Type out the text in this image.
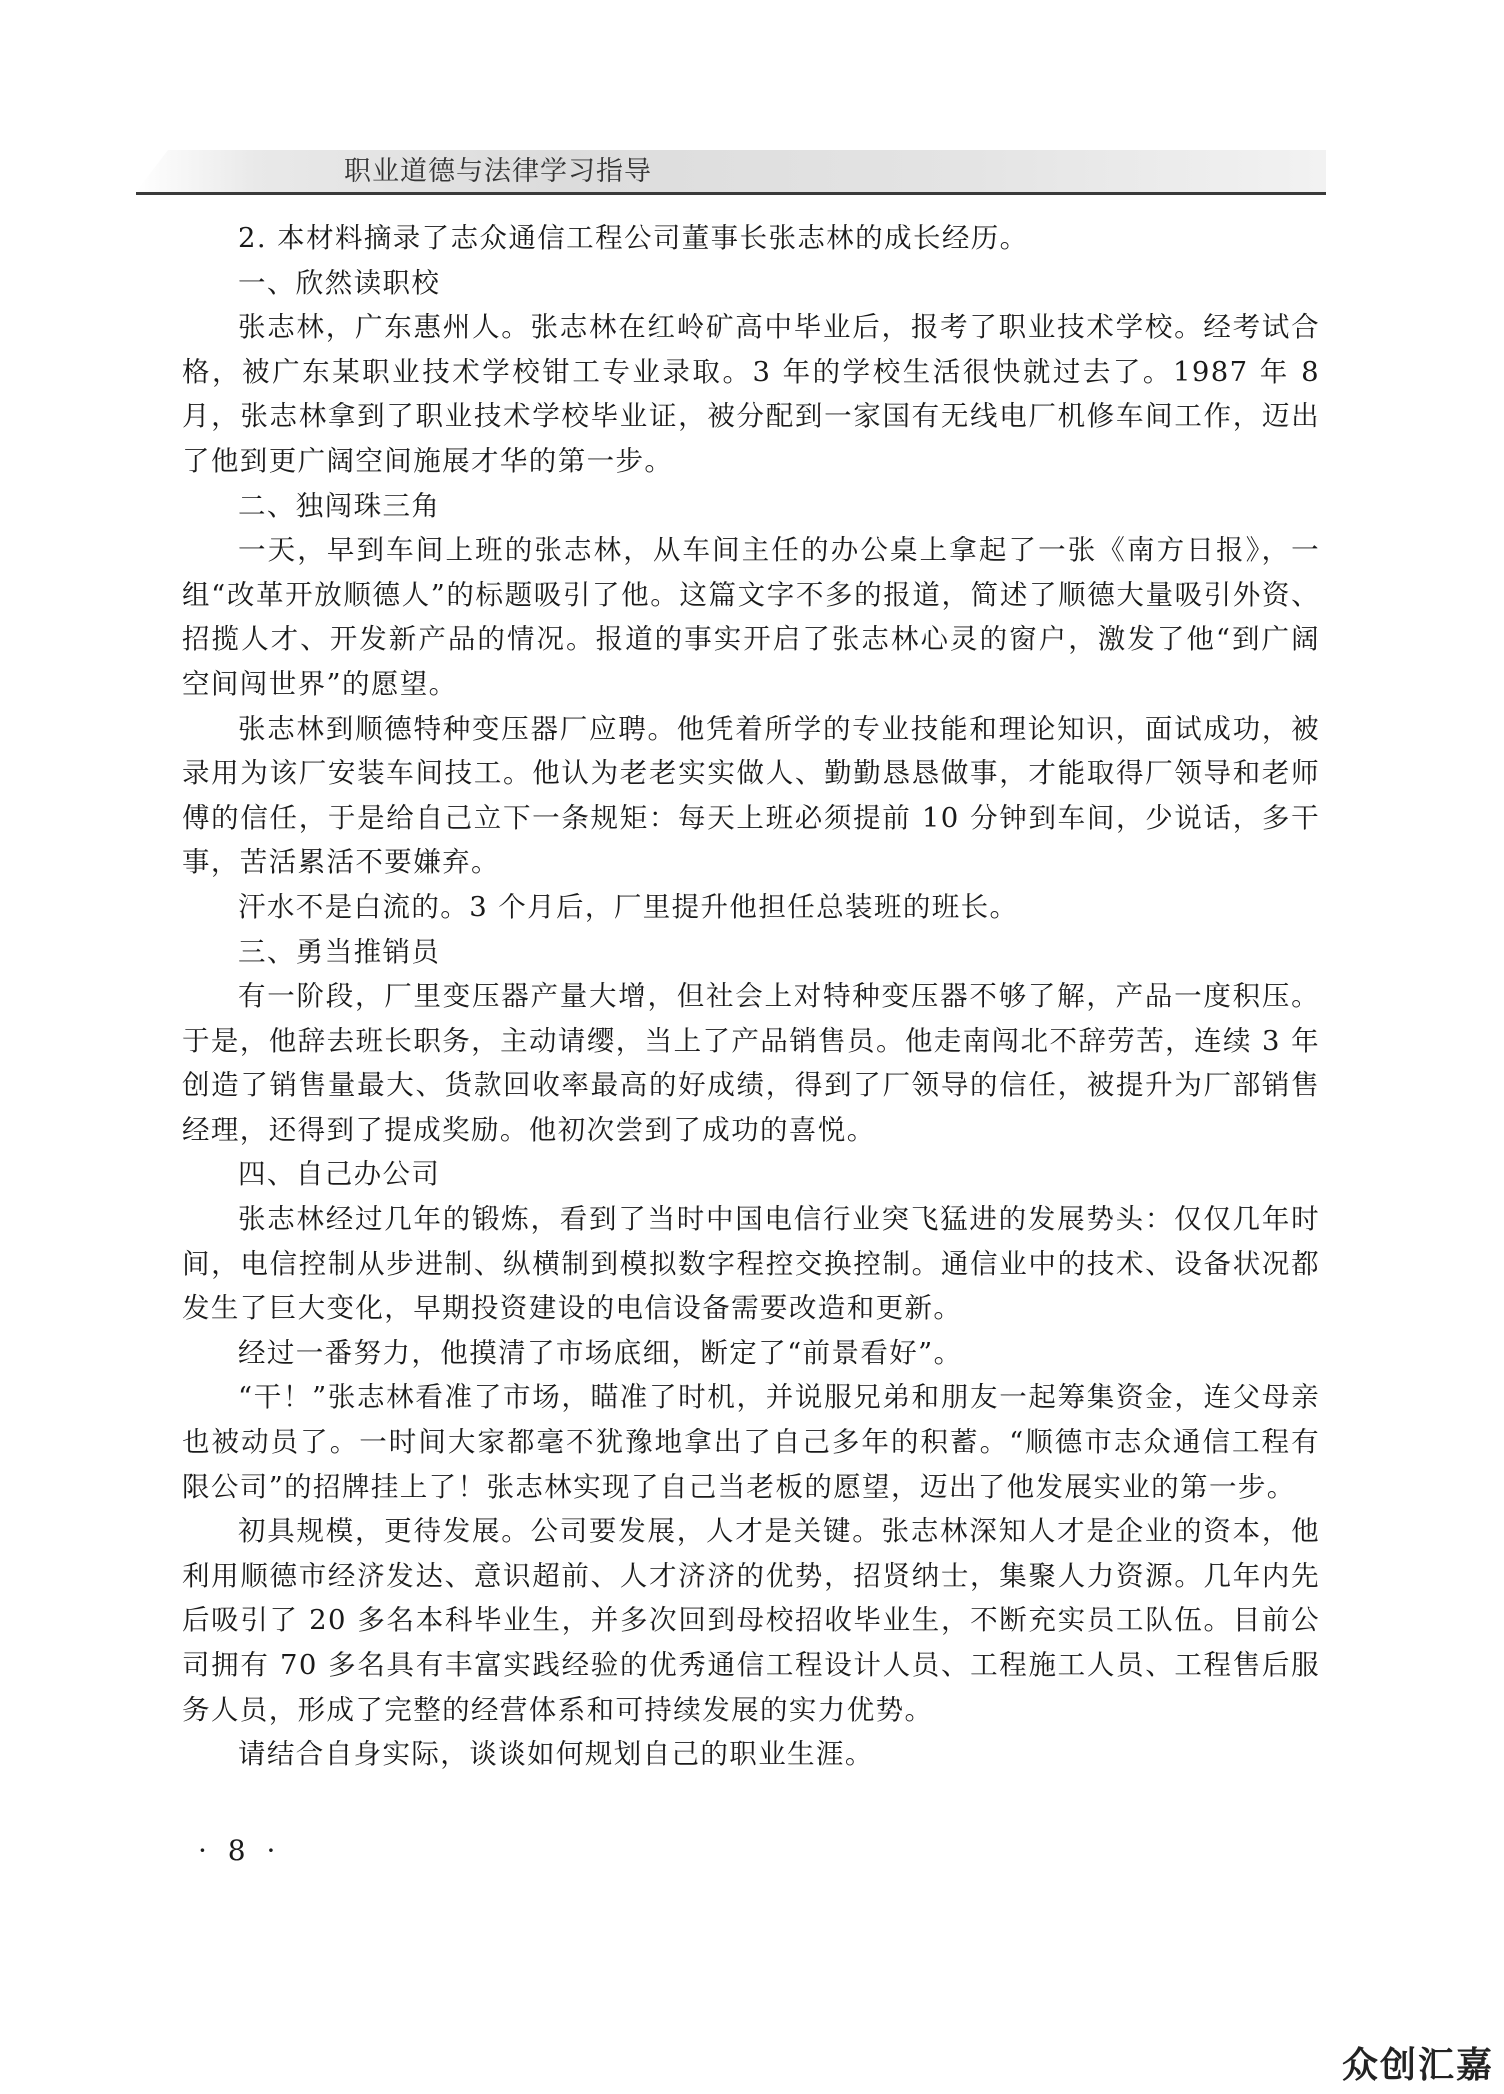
职业道德与法律学习指导

2. 本材料摘录了志众通信工程公司董事长张志林的成长经历。

一、欣然读职校

张志林，广东惠州人。张志林在红岭矿高中毕业后，报考了职业技术学校。经考试合格，被广东某职业技术学校钳工专业录取。3 年的学校生活很快就过去了。1987 年 8 月，张志林拿到了职业技术学校毕业证，被分配到一家国有无线电厂机修车间工作，迈出了他到更广阔空间施展才华的第一步。

二、独闯珠三角

一天，早到车间上班的张志林，从车间主任的办公桌上拿起了一张《南方日报》，一组“改革开放顺德人”的标题吸引了他。这篇文字不多的报道，简述了顺德大量吸引外资、招揽人才、开发新产品的情况。报道的事实开启了张志林心灵的窗户，激发了他“到广阔空间闯世界”的愿望。

张志林到顺德特种变压器厂应聘。他凭着所学的专业技能和理论知识，面试成功，被录用为该厂安装车间技工。他认为老老实实做人、勤勤恳恳做事，才能取得厂领导和老师傅的信任，于是给自己立下一条规矩：每天上班必须提前 10 分钟到车间，少说话，多干事，苦活累活不要嫌弃。

汗水不是白流的。3 个月后，厂里提升他担任总装班的班长。

三、勇当推销员

有一阶段，厂里变压器产量大增，但社会上对特种变压器不够了解，产品一度积压。于是，他辞去班长职务，主动请缨，当上了产品销售员。他走南闯北不辞劳苦，连续 3 年创造了销售量最大、货款回收率最高的好成绩，得到了厂领导的信任，被提升为厂部销售经理，还得到了提成奖励。他初次尝到了成功的喜悦。

四、自己办公司

张志林经过几年的锻炼，看到了当时中国电信行业突飞猛进的发展势头：仅仅几年时间，电信控制从步进制、纵横制到模拟数字程控交换控制。通信业中的技术、设备状况都发生了巨大变化，早期投资建设的电信设备需要改造和更新。

经过一番努力，他摸清了市场底细，断定了“前景看好”。

“干！”张志林看准了市场，瞄准了时机，并说服兄弟和朋友一起筹集资金，连父母亲也被动员了。一时间大家都毫不犹豫地拿出了自己多年的积蓄。“顺德市志众通信工程有限公司”的招牌挂上了！张志林实现了自己当老板的愿望，迈出了他发展实业的第一步。

初具规模，更待发展。公司要发展，人才是关键。张志林深知人才是企业的资本，他利用顺德市经济发达、意识超前、人才济济的优势，招贤纳士，集聚人力资源。几年内先后吸引了 20 多名本科毕业生，并多次回到母校招收毕业生，不断充实员工队伍。目前公司拥有 70 多名具有丰富实践经验的优秀通信工程设计人员、工程施工人员、工程售后服务人员，形成了完整的经营体系和可持续发展的实力优势。

请结合自身实际，谈谈如何规划自己的职业生涯。

· 8 ·
众创汇嘉
